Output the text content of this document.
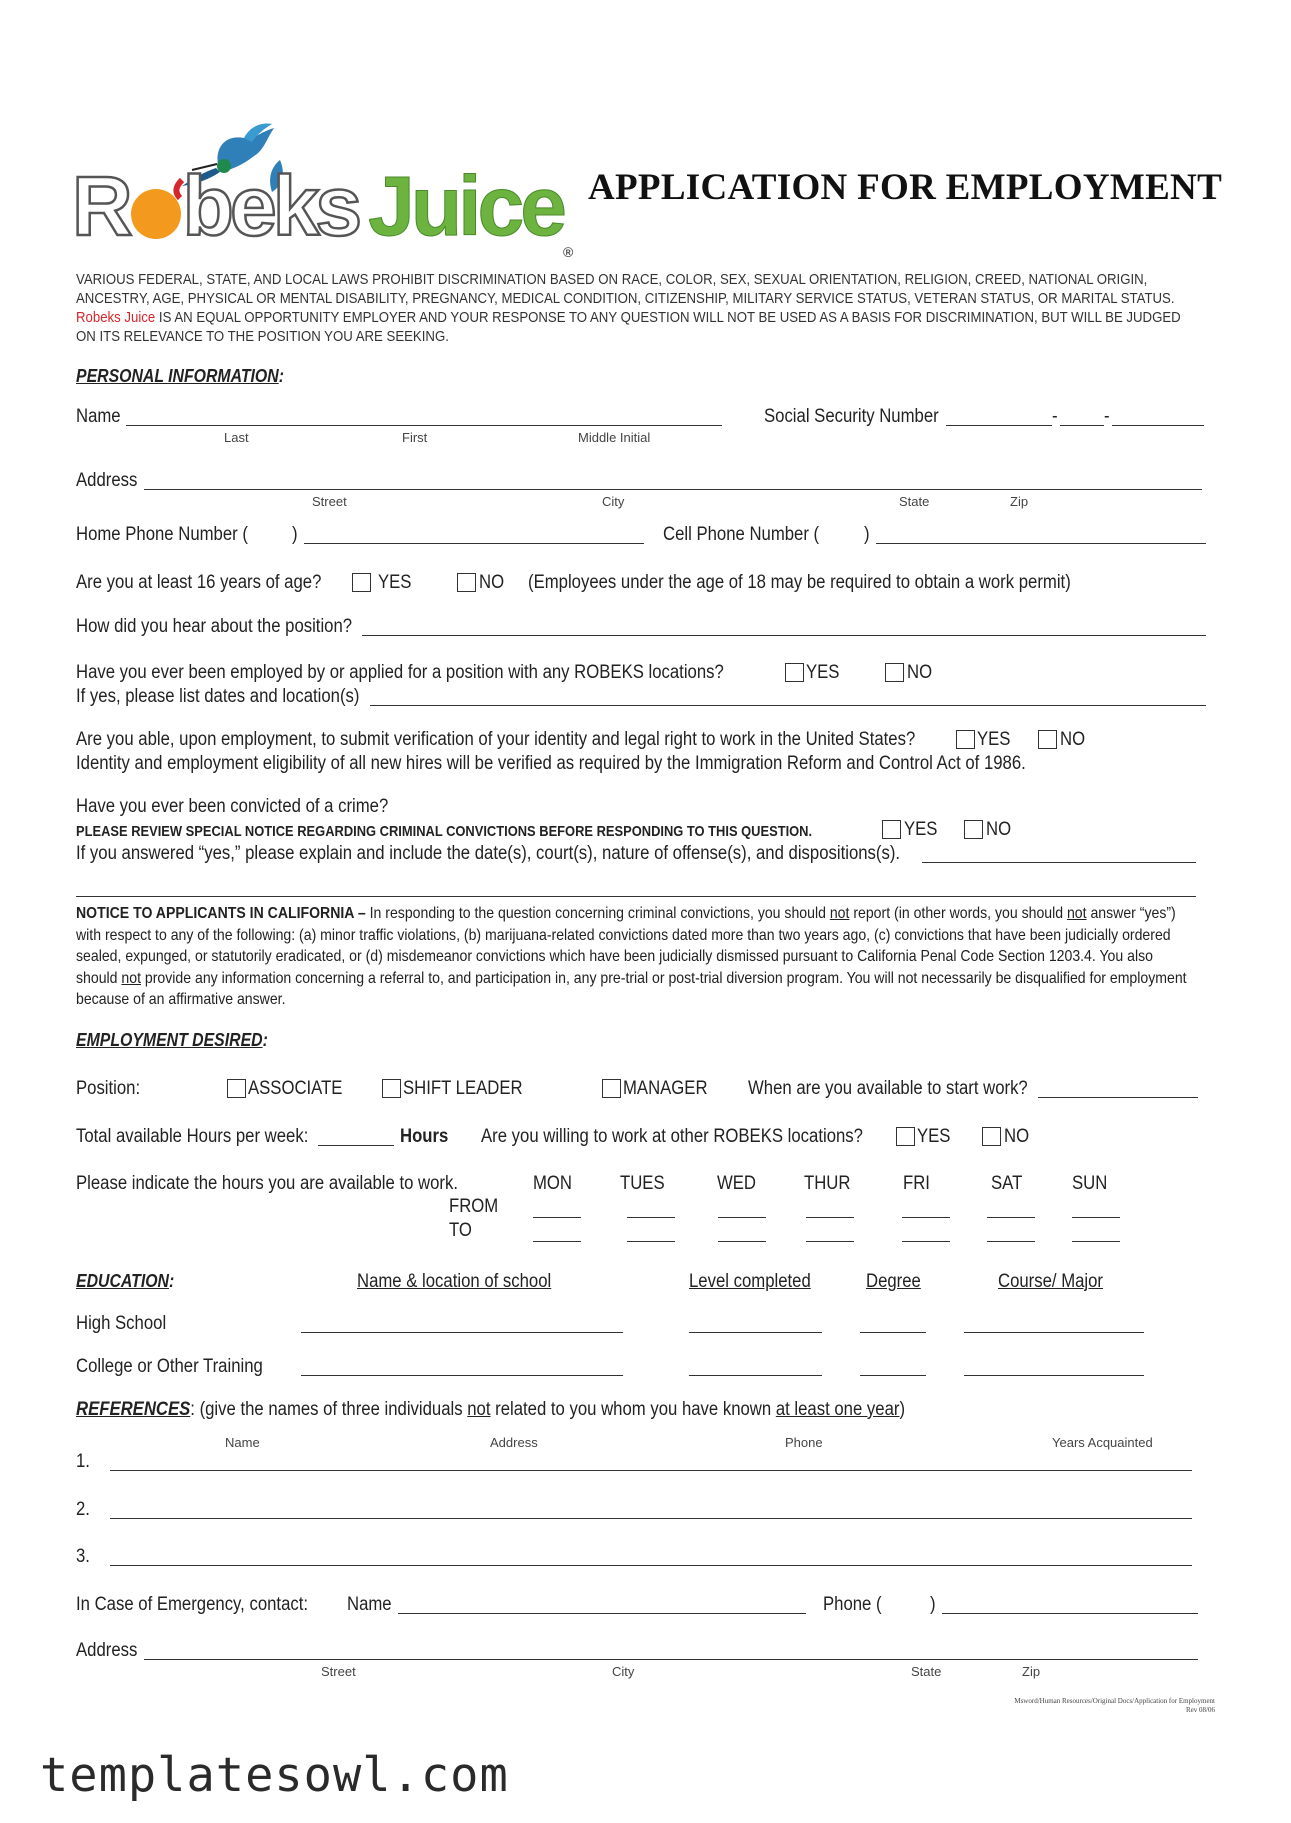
R beks Juice$_®$
APPLICATION FOR EMPLOYMENT
VARIOUS FEDERAL, STATE, AND LOCAL LAWS PROHIBIT DISCRIMINATION BASED ON RACE, COLOR, SEX, SEXUAL ORIENTATION, RELIGION, CREED, NATIONAL ORIGIN, ANCESTRY, AGE, PHYSICAL OR MENTAL DISABILITY, PREGNANCY, MEDICAL CONDITION, CITIZENSHIP, MILITARY SERVICE STATUS, VETERAN STATUS, OR MARITAL STATUS. Robeks Juice IS AN EQUAL OPPORTUNITY EMPLOYER AND YOUR RESPONSE TO ANY QUESTION WILL NOT BE USED AS A BASIS FOR DISCRIMINATION, BUT WILL BE JUDGED ON ITS RELEVANCE TO THE POSITION YOU ARE SEEKING.
PERSONAL INFORMATION:
Name
Last	First	Middle Initial
Social Security Number	- -
Address
Street	City	State	Zip
Home Phone Number ( )	Cell Phone Number ( )
Are you at least 16 years of age?	YES	NO (Employees under the age of 18 may be required to obtain a work permit)
How did you hear about the position?
Have you ever been employed by or applied for a position with any ROBEKS locations?	YES	NO
If yes, please list dates and location(s)
Are you able, upon employment, to submit verification of your identity and legal right to work in the United States?	YES	NO
Identity and employment eligibility of all new hires will be verified as required by the Immigration Reform and Control Act of 1986.
Have you ever been convicted of a crime?
PLEASE REVIEW SPECIAL NOTICE REGARDING CRIMINAL CONVICTIONS BEFORE RESPONDING TO THIS QUESTION.	YES	NO
If you answered “yes,” please explain and include the date(s), court(s), nature of offense(s), and dispositions(s).
NOTICE TO APPLICANTS IN CALIFORNIA – In responding to the question concerning criminal convictions, you should not report (in other words, you should not answer “yes”) with respect to any of the following: (a) minor traffic violations, (b) marijuana-related convictions dated more than two years ago, (c) convictions that have been judicially ordered sealed, expunged, or statutorily eradicated, or (d) misdemeanor convictions which have been judicially dismissed pursuant to California Penal Code Section 1203.4. You also should not provide any information concerning a referral to, and participation in, any pre-trial or post-trial diversion program. You will not necessarily be disqualified for employment because of an affirmative answer.
EMPLOYMENT DESIRED:
Position:	ASSOCIATE	SHIFT LEADER	MANAGER When are you available to start work?
Total available Hours per week:	Hours Are you willing to work at other ROBEKS locations?	YES	NO
Please indicate the hours you are available to work.
FROM
TO
MON	TUES	WED	THUR	FRI	SAT	SUN
EDUCATION:	Name & location of school	Level completed	Degree	Course/ Major
High School
College or Other Training
REFERENCES: (give the names of three individuals not related to you whom you have known at least one year)
Name	Address	Phone	Years Acquainted
1.
2.
3.
In Case of Emergency, contact: Name	Phone (	)
Address
Street	City	State	Zip
Msword/Human Resources/Original Docs/Application for Employment
Rev 08/06
templatesowl.com
